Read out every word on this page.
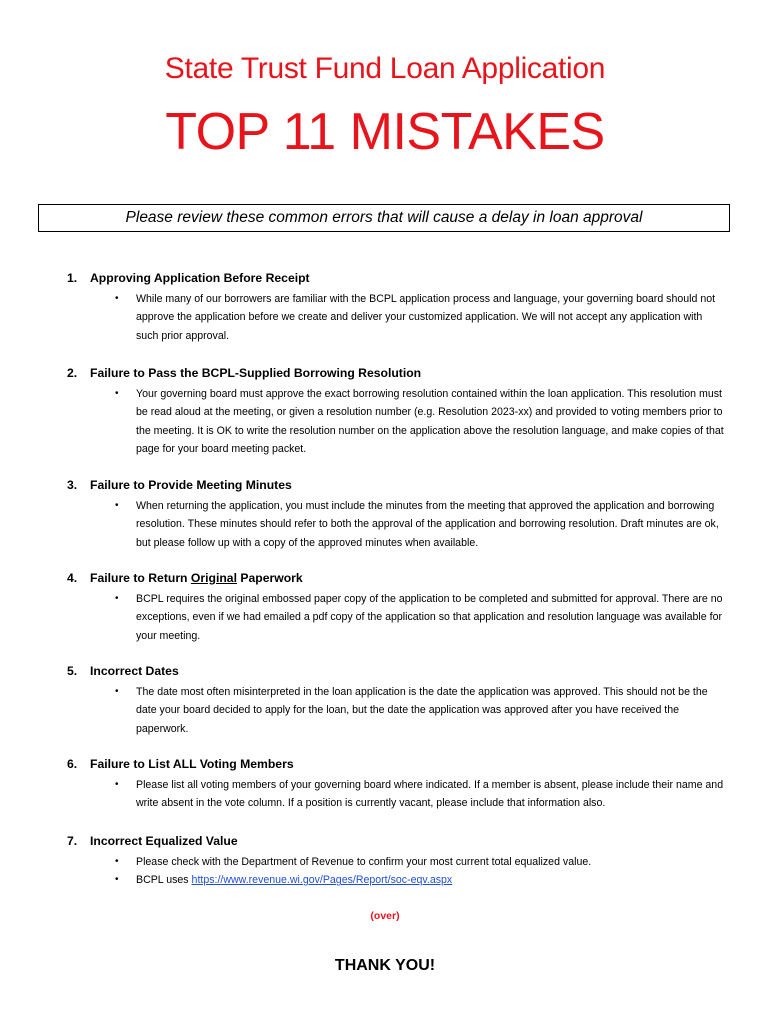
State Trust Fund Loan Application
TOP 11 MISTAKES
Please review these common errors that will cause a delay in loan approval
1. Approving Application Before Receipt
• While many of our borrowers are familiar with the BCPL application process and language, your governing board should not approve the application before we create and deliver your customized application. We will not accept any application with such prior approval.
2. Failure to Pass the BCPL-Supplied Borrowing Resolution
• Your governing board must approve the exact borrowing resolution contained within the loan application. This resolution must be read aloud at the meeting, or given a resolution number (e.g. Resolution 2023-xx) and provided to voting members prior to the meeting. It is OK to write the resolution number on the application above the resolution language, and make copies of that page for your board meeting packet.
3. Failure to Provide Meeting Minutes
• When returning the application, you must include the minutes from the meeting that approved the application and borrowing resolution. These minutes should refer to both the approval of the application and borrowing resolution. Draft minutes are ok, but please follow up with a copy of the approved minutes when available.
4. Failure to Return Original Paperwork
• BCPL requires the original embossed paper copy of the application to be completed and submitted for approval. There are no exceptions, even if we had emailed a pdf copy of the application so that application and resolution language was available for your meeting.
5. Incorrect Dates
• The date most often misinterpreted in the loan application is the date the application was approved. This should not be the date your board decided to apply for the loan, but the date the application was approved after you have received the paperwork.
6. Failure to List ALL Voting Members
• Please list all voting members of your governing board where indicated. If a member is absent, please include their name and write absent in the vote column. If a position is currently vacant, please include that information also.
7. Incorrect Equalized Value
• Please check with the Department of Revenue to confirm your most current total equalized value.
• BCPL uses https://www.revenue.wi.gov/Pages/Report/soc-eqv.aspx
(over)
THANK YOU!
